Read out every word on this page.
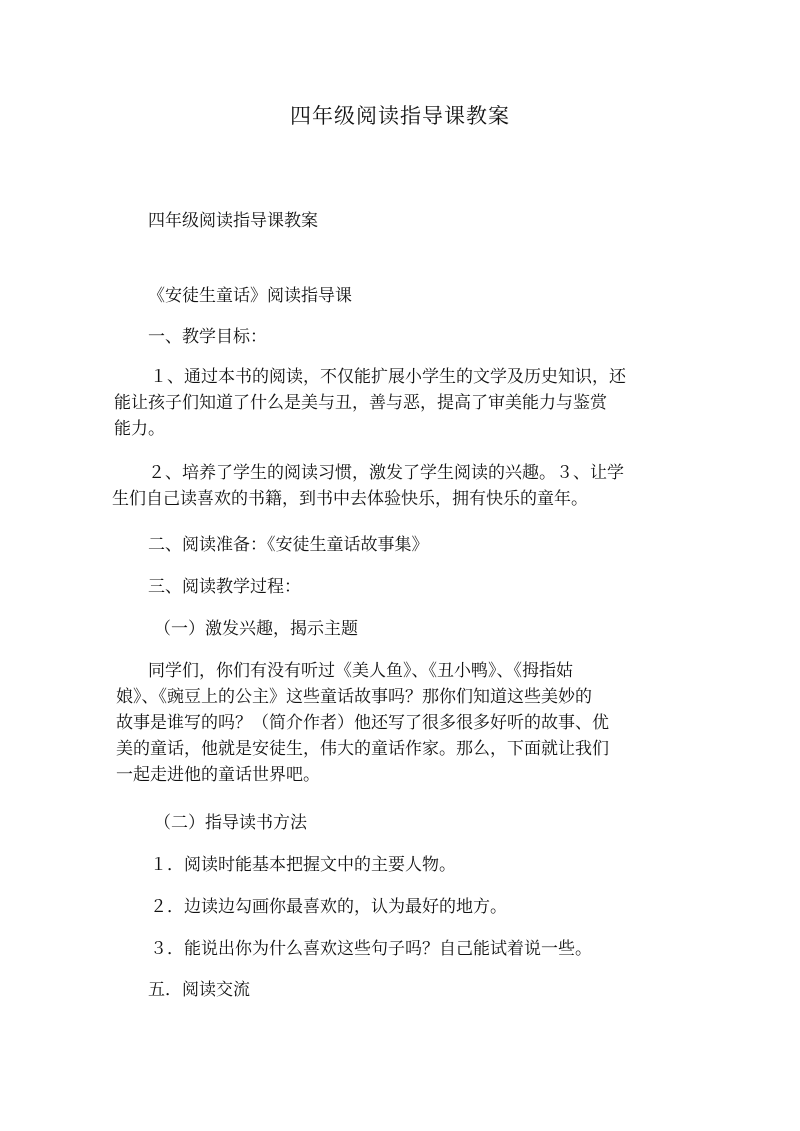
四年级阅读指导课教案
四年级阅读指导课教案
《安徒生童话》阅读指导课
一、教学目标：
１、通过本书的阅读，不仅能扩展小学生的文学及历史知识，还
能让孩子们知道了什么是美与丑，善与恶，提高了审美能力与鉴赏
能力。
２、培养了学生的阅读习惯，激发了学生阅读的兴趣。３、让学
生们自己读喜欢的书籍，到书中去体验快乐，拥有快乐的童年。
二、阅读准备：《安徒生童话故事集》
三、阅读教学过程：
（一）激发兴趣，揭示主题
同学们，你们有没有听过《美人鱼》、《丑小鸭》、《拇指姑
娘》、《豌豆上的公主》这些童话故事吗？那你们知道这些美妙的
故事是谁写的吗？（简介作者）他还写了很多很多好听的故事、优
美的童话，他就是安徒生，伟大的童话作家。那么，下面就让我们
一起走进他的童话世界吧。
（二）指导读书方法
１．阅读时能基本把握文中的主要人物。
２．边读边勾画你最喜欢的，认为最好的地方。
３．能说出你为什么喜欢这些句子吗？自己能试着说一些。
五．阅读交流
